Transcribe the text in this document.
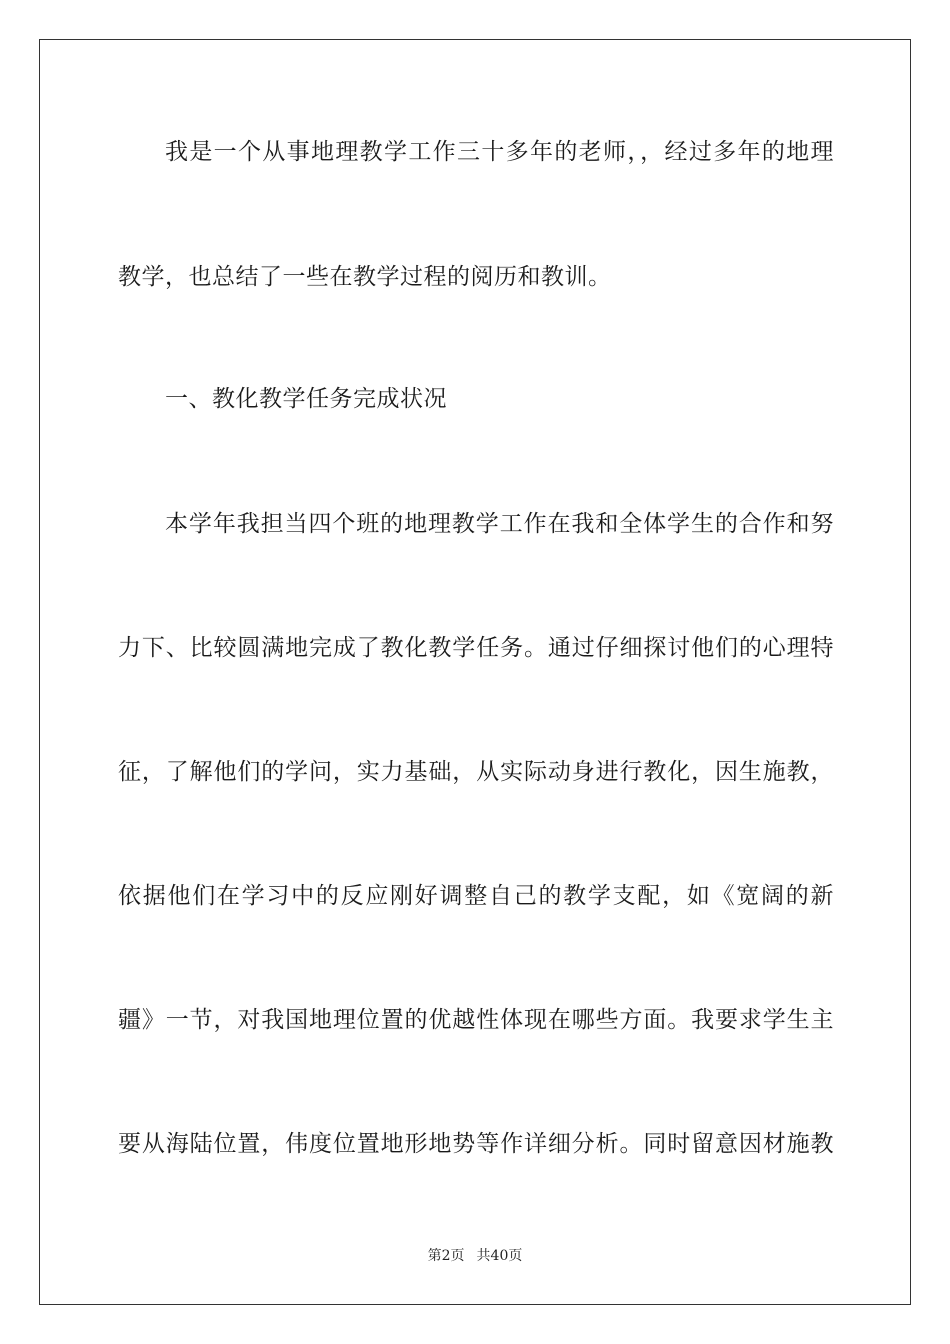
我是一个从事地理教学工作三十多年的老师，，经过多年的地理
教学，也总结了一些在教学过程的阅历和教训。
一、教化教学任务完成状况
本学年我担当四个班的地理教学工作在我和全体学生的合作和努
力下、比较圆满地完成了教化教学任务。通过仔细探讨他们的心理特
征，了解他们的学问，实力基础，从实际动身进行教化，因生施教，
依据他们在学习中的反应刚好调整自己的教学支配，如《宽阔的新
疆》一节，对我国地理位置的优越性体现在哪些方面。我要求学生主
要从海陆位置，伟度位置地形地势等作详细分析。同时留意因材施教
第2页 共40页
